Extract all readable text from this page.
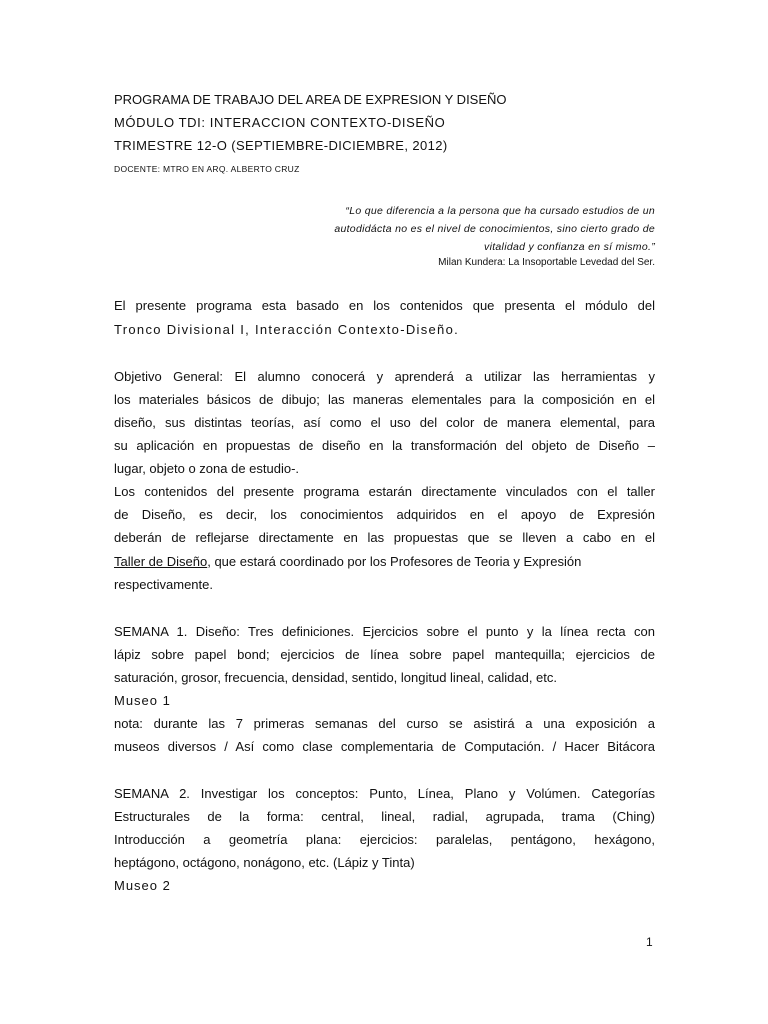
PROGRAMA DE TRABAJO DEL AREA DE EXPRESION Y DISEÑO
MÓDULO TDI: INTERACCION CONTEXTO-DISEÑO
TRIMESTRE 12-O (SEPTIEMBRE-DICIEMBRE, 2012)
DOCENTE: MTRO EN ARQ. ALBERTO CRUZ
“Lo que diferencia a la persona que ha cursado estudios de un
autodidácta no es el nivel de conocimientos, sino cierto grado de
vitalidad y confianza en sí mismo.”
Milan Kundera: La Insoportable Levedad del Ser.
El presente programa esta basado en los contenidos que presenta el módulo del
Tronco Divisional I, Interacción Contexto-Diseño.
Objetivo General: El alumno conocerá y aprenderá a utilizar las herramientas y
los materiales básicos de dibujo; las maneras elementales para la composición en el
diseño, sus distintas teorías, así como el uso del color de manera elemental, para
su aplicación en propuestas de diseño en la transformación del objeto de Diseño –
lugar, objeto o zona de estudio-.
Los contenidos del presente programa estarán directamente vinculados con el taller
de Diseño, es decir, los conocimientos adquiridos en el apoyo de Expresión
deberán de reflejarse directamente en las propuestas que se lleven a cabo en el
Taller de Diseño, que estará coordinado por los Profesores de Teoria y Expresión
respectivamente.
SEMANA 1. Diseño: Tres definiciones. Ejercicios sobre el punto y la línea recta con
lápiz sobre papel bond; ejercicios de línea sobre papel mantequilla; ejercicios de
saturación, grosor, frecuencia, densidad, sentido, longitud lineal, calidad, etc.
Museo 1
nota: durante las 7 primeras semanas del curso se asistirá a una exposición a
museos diversos / Así como clase complementaria de Computación. / Hacer Bitácora
SEMANA 2. Investigar los conceptos: Punto, Línea, Plano y Volúmen. Categorías
Estructurales de la forma: central, lineal, radial, agrupada, trama (Ching)
Introducción a geometría plana: ejercicios: paralelas, pentágono, hexágono,
heptágono, octágono, nonágono, etc. (Lápiz y Tinta)
Museo 2
1
